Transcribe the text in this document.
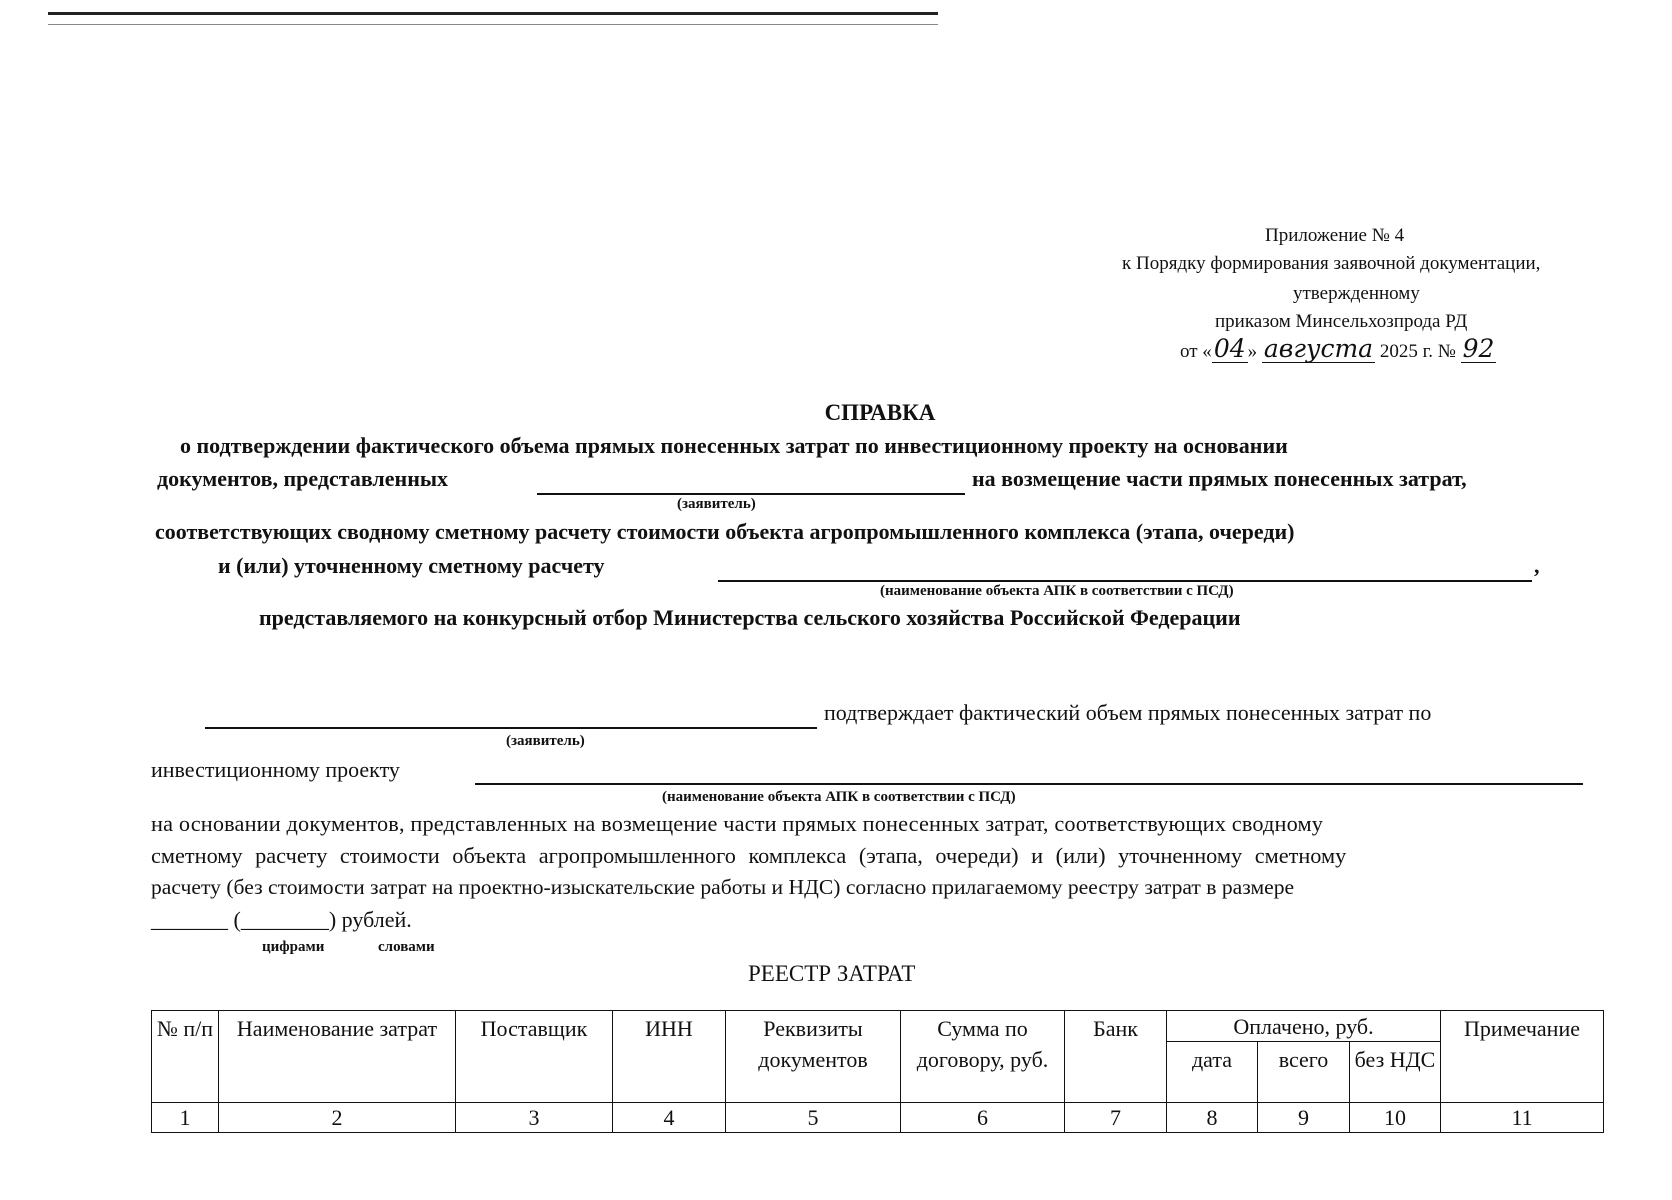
Приложение № 4
к Порядку формирования заявочной документации,
утвержденному
приказом Минсельхозпрода РД
от «04 » августа 2025 г. № 92
СПРАВКА
о подтверждении фактического объема прямых понесенных затрат по инвестиционному проекту на основании
документов, представленных	на возмещение части прямых понесенных затрат,
(заявитель)
соответствующих сводному сметному расчету стоимости объекта агропромышленного комплекса (этапа, очереди)
и (или) уточненному сметному расчету	,
(наименование объекта АПК в соответствии с ПСД)
представляемого на конкурсный отбор Министерства сельского хозяйства Российской Федерации
подтверждает фактический объем прямых понесенных затрат по
(заявитель)
инвестиционному проекту
(наименование объекта АПК в соответствии с ПСД)
на основании документов, представленных на возмещение части прямых понесенных затрат, соответствующих сводному
сметному расчету стоимости объекта агропромышленного комплекса (этапа, очереди) и (или) уточненному сметному
расчету (без стоимости затрат на проектно-изыскательские работы и НДС) согласно прилагаемому реестру затрат в размере
_______ (________) рублей.
цифрами	словами
РЕЕСТР ЗАТРАТ
№ п/п	Наименование затрат	Поставщик	ИНН	Реквизиты документов	Сумма по договору, руб.	Банк	Оплачено, руб.			Примечание
							дата	всего	без НДС	
1	2	3	4	5	6	7	8	9	10	11
